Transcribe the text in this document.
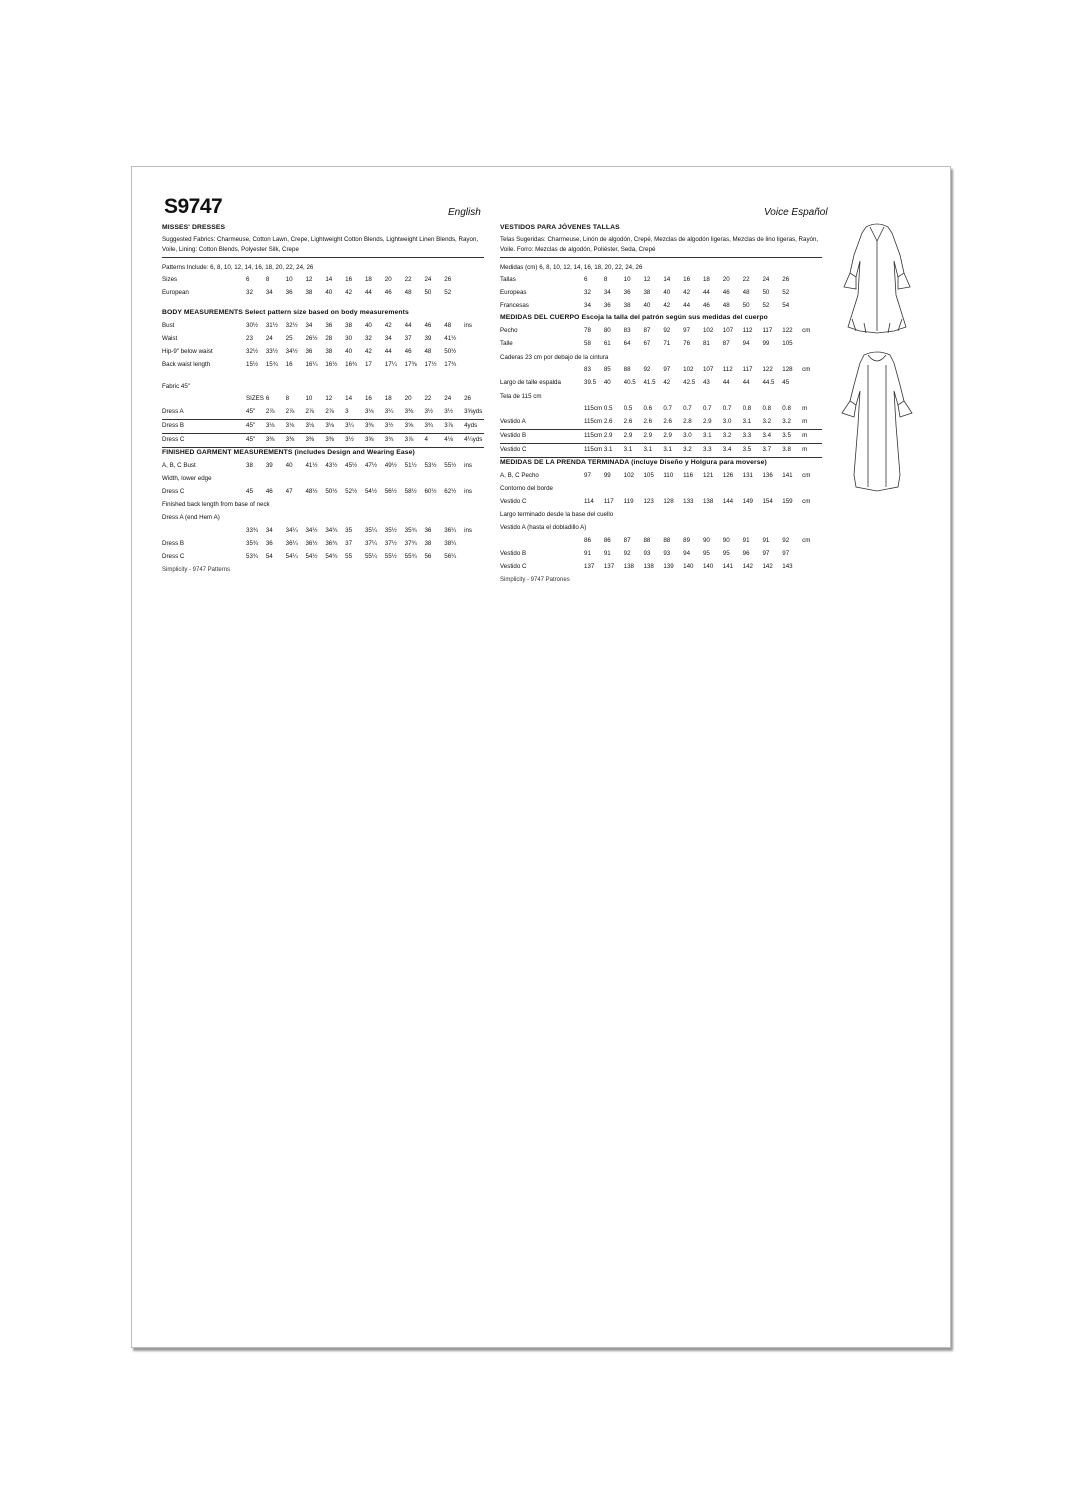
S9747	English	Voice Español
MISSES' DRESSES
Suggested Fabrics: Charmeuse, Cotton Lawn, Crepe, Lightweight Cotton Blends, Lightweight Linen Blends, Rayon, Voile, Lining: Cotton Blends, Polyester Silk, Crepe
Patterns Include: 6, 8, 10, 12, 14, 16, 18, 20, 22, 24, 26
Sizes	6	8	10	12	14	16	18	20	22	24	26	
European	32	34	36	38	40	42	44	46	48	50	52	
BODY MEASUREMENTS Select pattern size based on body measurements
Bust	30½	31½	32½	34	36	38	40	42	44	46	48	ins
Waist	23	24	25	26½	28	30	32	34	37	39	41½	
Hip-9" below waist	32½	33½	34½	36	38	40	42	44	46	48	50½	
Back waist length	15½	15¾	16	16¼	16½	16¾	17	17¼	17⅜	17½	17¾	
Fabric 45"
	SIZES	6	8	10	12	14	16	18	20	22	24	26
Dress A	45"	2⅞	2⅞	2⅞	2⅞	3	3⅛	3¼	3⅜	3½	3½	3⅝yds
Dress B	45"	3⅛	3⅛	3⅛	3⅛	3¼	3⅜	3½	3⅝	3¾	3⅞	4yds
Dress C	45"	3⅜	3⅜	3⅜	3⅜	3½	3⅝	3¾	3⅞	4	4⅛	4¼yds
FINISHED GARMENT MEASUREMENTS (includes Design and Wearing Ease)
A, B, C Bust	38	39	40	41½	43½	45½	47½	49½	51½	53½	55½	ins
Width, lower edge
Dress C	45	46	47	48½	50½	52½	54½	56½	58½	60½	62½	ins
Finished back length from base of neck
Dress A (end Hem A)
	33¾	34	34¼	34½	34¾	35	35¼	35½	35¾	36	36¼	ins
Dress B	35¾	36	36¼	36½	36¾	37	37¼	37½	37¾	38	38¼	
Dress C	53¾	54	54¼	54½	54¾	55	55¼	55½	55¾	56	56¼	
Simplicity - 9747 Patterns
VESTIDOS PARA JÓVENES TALLAS
Telas Sugeridas: Charmeuse, Linón de algodón, Crepé, Mezclas de algodón ligeras, Mezclas de lino ligeras, Rayón, Voile. Forro: Mezclas de algodón, Poliéster, Seda, Crepé
Medidas (cm) 6, 8, 10, 12, 14, 16, 18, 20, 22, 24, 26
Tallas	6	8	10	12	14	16	18	20	22	24	26	
Europeas	32	34	36	38	40	42	44	46	48	50	52	
Francesas	34	36	38	40	42	44	46	48	50	52	54	
MEDIDAS DEL CUERPO Escoja la talla del patrón según sus medidas del cuerpo
Pecho	78	80	83	87	92	97	102	107	112	117	122	cm
Talle	58	61	64	67	71	76	81	87	94	99	105	
Caderas 23 cm por debajo de la cintura
	83	85	88	92	97	102	107	112	117	122	128	cm
Largo de talle espalda	39.5	40	40.5	41.5	42	42.5	43	44	44	44.5	45	
Tela de 115 cm
	115cm	0.5	0.5	0.6	0.7	0.7	0.7	0.7	0.8	0.8	0.8	m
Vestido A	115cm	2.6	2.6	2.6	2.6	2.8	2.9	3.0	3.1	3.2	3.2	m
Vestido B	115cm	2.9	2.9	2.9	2.9	3.0	3.1	3.2	3.3	3.4	3.5	m
Vestido C	115cm	3.1	3.1	3.1	3.1	3.2	3.3	3.4	3.5	3.7	3.8	m
MEDIDAS DE LA PRENDA TERMINADA (incluye Diseño y Holgura para moverse)
A, B, C Pecho	97	99	102	105	110	116	121	126	131	136	141	cm
Contorno del borde
Vestido C	114	117	119	123	128	133	138	144	149	154	159	cm
Largo terminado desde la base del cuello
Vestido A (hasta el dobladillo A)
	86	86	87	88	88	89	90	90	91	91	92	cm
Vestido B	91	91	92	93	93	94	95	95	96	97	97	
Vestido C	137	137	138	138	139	140	140	141	142	142	143	
Simplicity - 9747 Patrones
